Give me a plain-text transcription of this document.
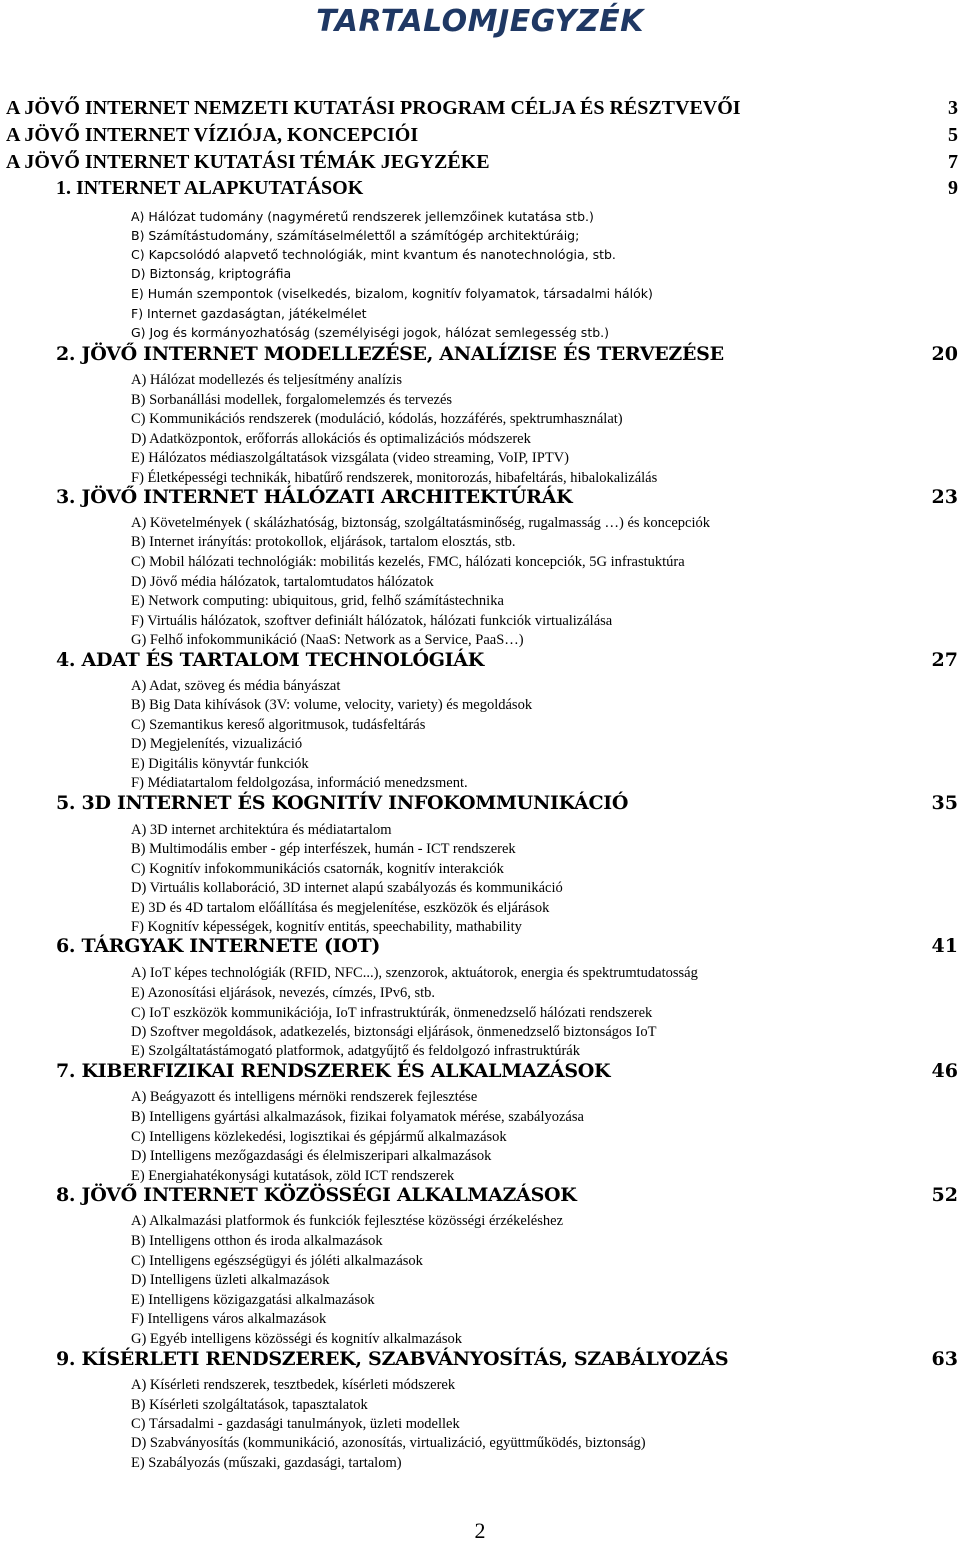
TARTALOMJEGYZÉK
A JÖVŐ INTERNET NEMZETI KUTATÁSI PROGRAM CÉLJA ÉS RÉSZTVEVŐI	3
A JÖVŐ INTERNET VÍZIÓJA, KONCEPCIÓI	5
A JÖVŐ INTERNET KUTATÁSI TÉMÁK JEGYZÉKE	7
1. INTERNET ALAPKUTATÁSOK	9
A) Hálózat tudomány (nagyméretű rendszerek jellemzőinek kutatása stb.)
B) Számítástudomány, számításelmélettől a számítógép architektúráig;
C) Kapcsolódó alapvető technológiák, mint kvantum és nanotechnológia, stb.
D) Biztonság, kriptográfia
E) Humán szempontok (viselkedés, bizalom, kognitív folyamatok, társadalmi hálók)
F) Internet gazdaságtan, játékelmélet
G) Jog és kormányozhatóság (személyiségi jogok, hálózat semlegesség stb.)
2. JÖVŐ INTERNET MODELLEZÉSE, ANALÍZISE ÉS TERVEZÉSE	20
A) Hálózat modellezés és teljesítmény analízis
B) Sorbanállási modellek, forgalomelemzés és tervezés
C) Kommunikációs rendszerek (moduláció, kódolás, hozzáférés, spektrumhasználat)
D) Adatközpontok, erőforrás allokációs és optimalizációs módszerek
E) Hálózatos médiaszolgáltatások vizsgálata (video streaming, VoIP, IPTV)
F) Életképességi technikák, hibatűrő rendszerek, monitorozás, hibafeltárás, hibalokalizálás
3. JÖVŐ INTERNET HÁLÓZATI ARCHITEKTÚRÁK	23
A) Követelmények ( skálázhatóság, biztonság, szolgáltatásminőség, rugalmasság …) és koncepciók
B) Internet irányítás: protokollok, eljárások, tartalom elosztás, stb.
C) Mobil hálózati technológiák: mobilitás kezelés, FMC, hálózati koncepciók, 5G infrastuktúra
D) Jövő média hálózatok, tartalomtudatos hálózatok
E) Network computing: ubiquitous, grid, felhő számítástechnika
F) Virtuális hálózatok, szoftver definiált hálózatok, hálózati funkciók virtualizálása
G) Felhő infokommunikáció (NaaS: Network as a Service, PaaS…)
4. ADAT ÉS TARTALOM TECHNOLÓGIÁK	27
A) Adat, szöveg és média bányászat
B) Big Data kihívások (3V: volume, velocity, variety) és megoldások
C) Szemantikus kereső algoritmusok, tudásfeltárás
D) Megjelenítés, vizualizáció
E) Digitális könyvtár funkciók
F) Médiatartalom feldolgozása, információ menedzsment.
5. 3D INTERNET ÉS KOGNITÍV INFOKOMMUNIKÁCIÓ	35
A) 3D internet architektúra és médiatartalom
B) Multimodális ember - gép interfészek, humán - ICT rendszerek
C) Kognitív infokommunikációs csatornák, kognitív interakciók
D) Virtuális kollaboráció, 3D internet alapú szabályozás és kommunikáció
E) 3D és 4D tartalom előállítása és megjelenítése, eszközök és eljárások
F) Kognitív képességek, kognitív entitás, speechability, mathability
6. TÁRGYAK INTERNETE (IOT)	41
A) IoT képes technológiák (RFID, NFC...), szenzorok, aktuátorok, energia és spektrumtudatosság
E) Azonosítási eljárások, nevezés, címzés, IPv6, stb.
C) IoT eszközök kommunikációja, IoT infrastruktúrák, önmenedzselő hálózati rendszerek
D) Szoftver megoldások, adatkezelés, biztonsági eljárások, önmenedzselő biztonságos IoT
E) Szolgáltatástámogató platformok, adatgyűjtő és feldolgozó infrastruktúrák
7. KIBERFIZIKAI RENDSZEREK ÉS ALKALMAZÁSOK	46
A) Beágyazott és intelligens mérnöki rendszerek fejlesztése
B) Intelligens gyártási alkalmazások, fizikai folyamatok mérése, szabályozása
C) Intelligens közlekedési, logisztikai és gépjármű alkalmazások
D) Intelligens mezőgazdasági és élelmiszeripari alkalmazások
E) Energiahatékonysági kutatások, zöld ICT rendszerek
8. JÖVŐ INTERNET KÖZÖSSÉGI ALKALMAZÁSOK	52
A) Alkalmazási platformok és funkciók fejlesztése közösségi érzékeléshez
B) Intelligens otthon és iroda alkalmazások
C) Intelligens egészségügyi és jóléti alkalmazások
D) Intelligens üzleti alkalmazások
E) Intelligens közigazgatási alkalmazások
F) Intelligens város alkalmazások
G) Egyéb intelligens közösségi és kognitív alkalmazások
9. KÍSÉRLETI RENDSZEREK, SZABVÁNYOSÍTÁS, SZABÁLYOZÁS	63
A) Kísérleti rendszerek, tesztbedek, kísérleti módszerek
B) Kísérleti szolgáltatások, tapasztalatok
C) Társadalmi - gazdasági tanulmányok, üzleti modellek
D) Szabványosítás (kommunikáció, azonosítás, virtualizáció, együttműködés, biztonság)
E) Szabályozás (műszaki, gazdasági, tartalom)
2
